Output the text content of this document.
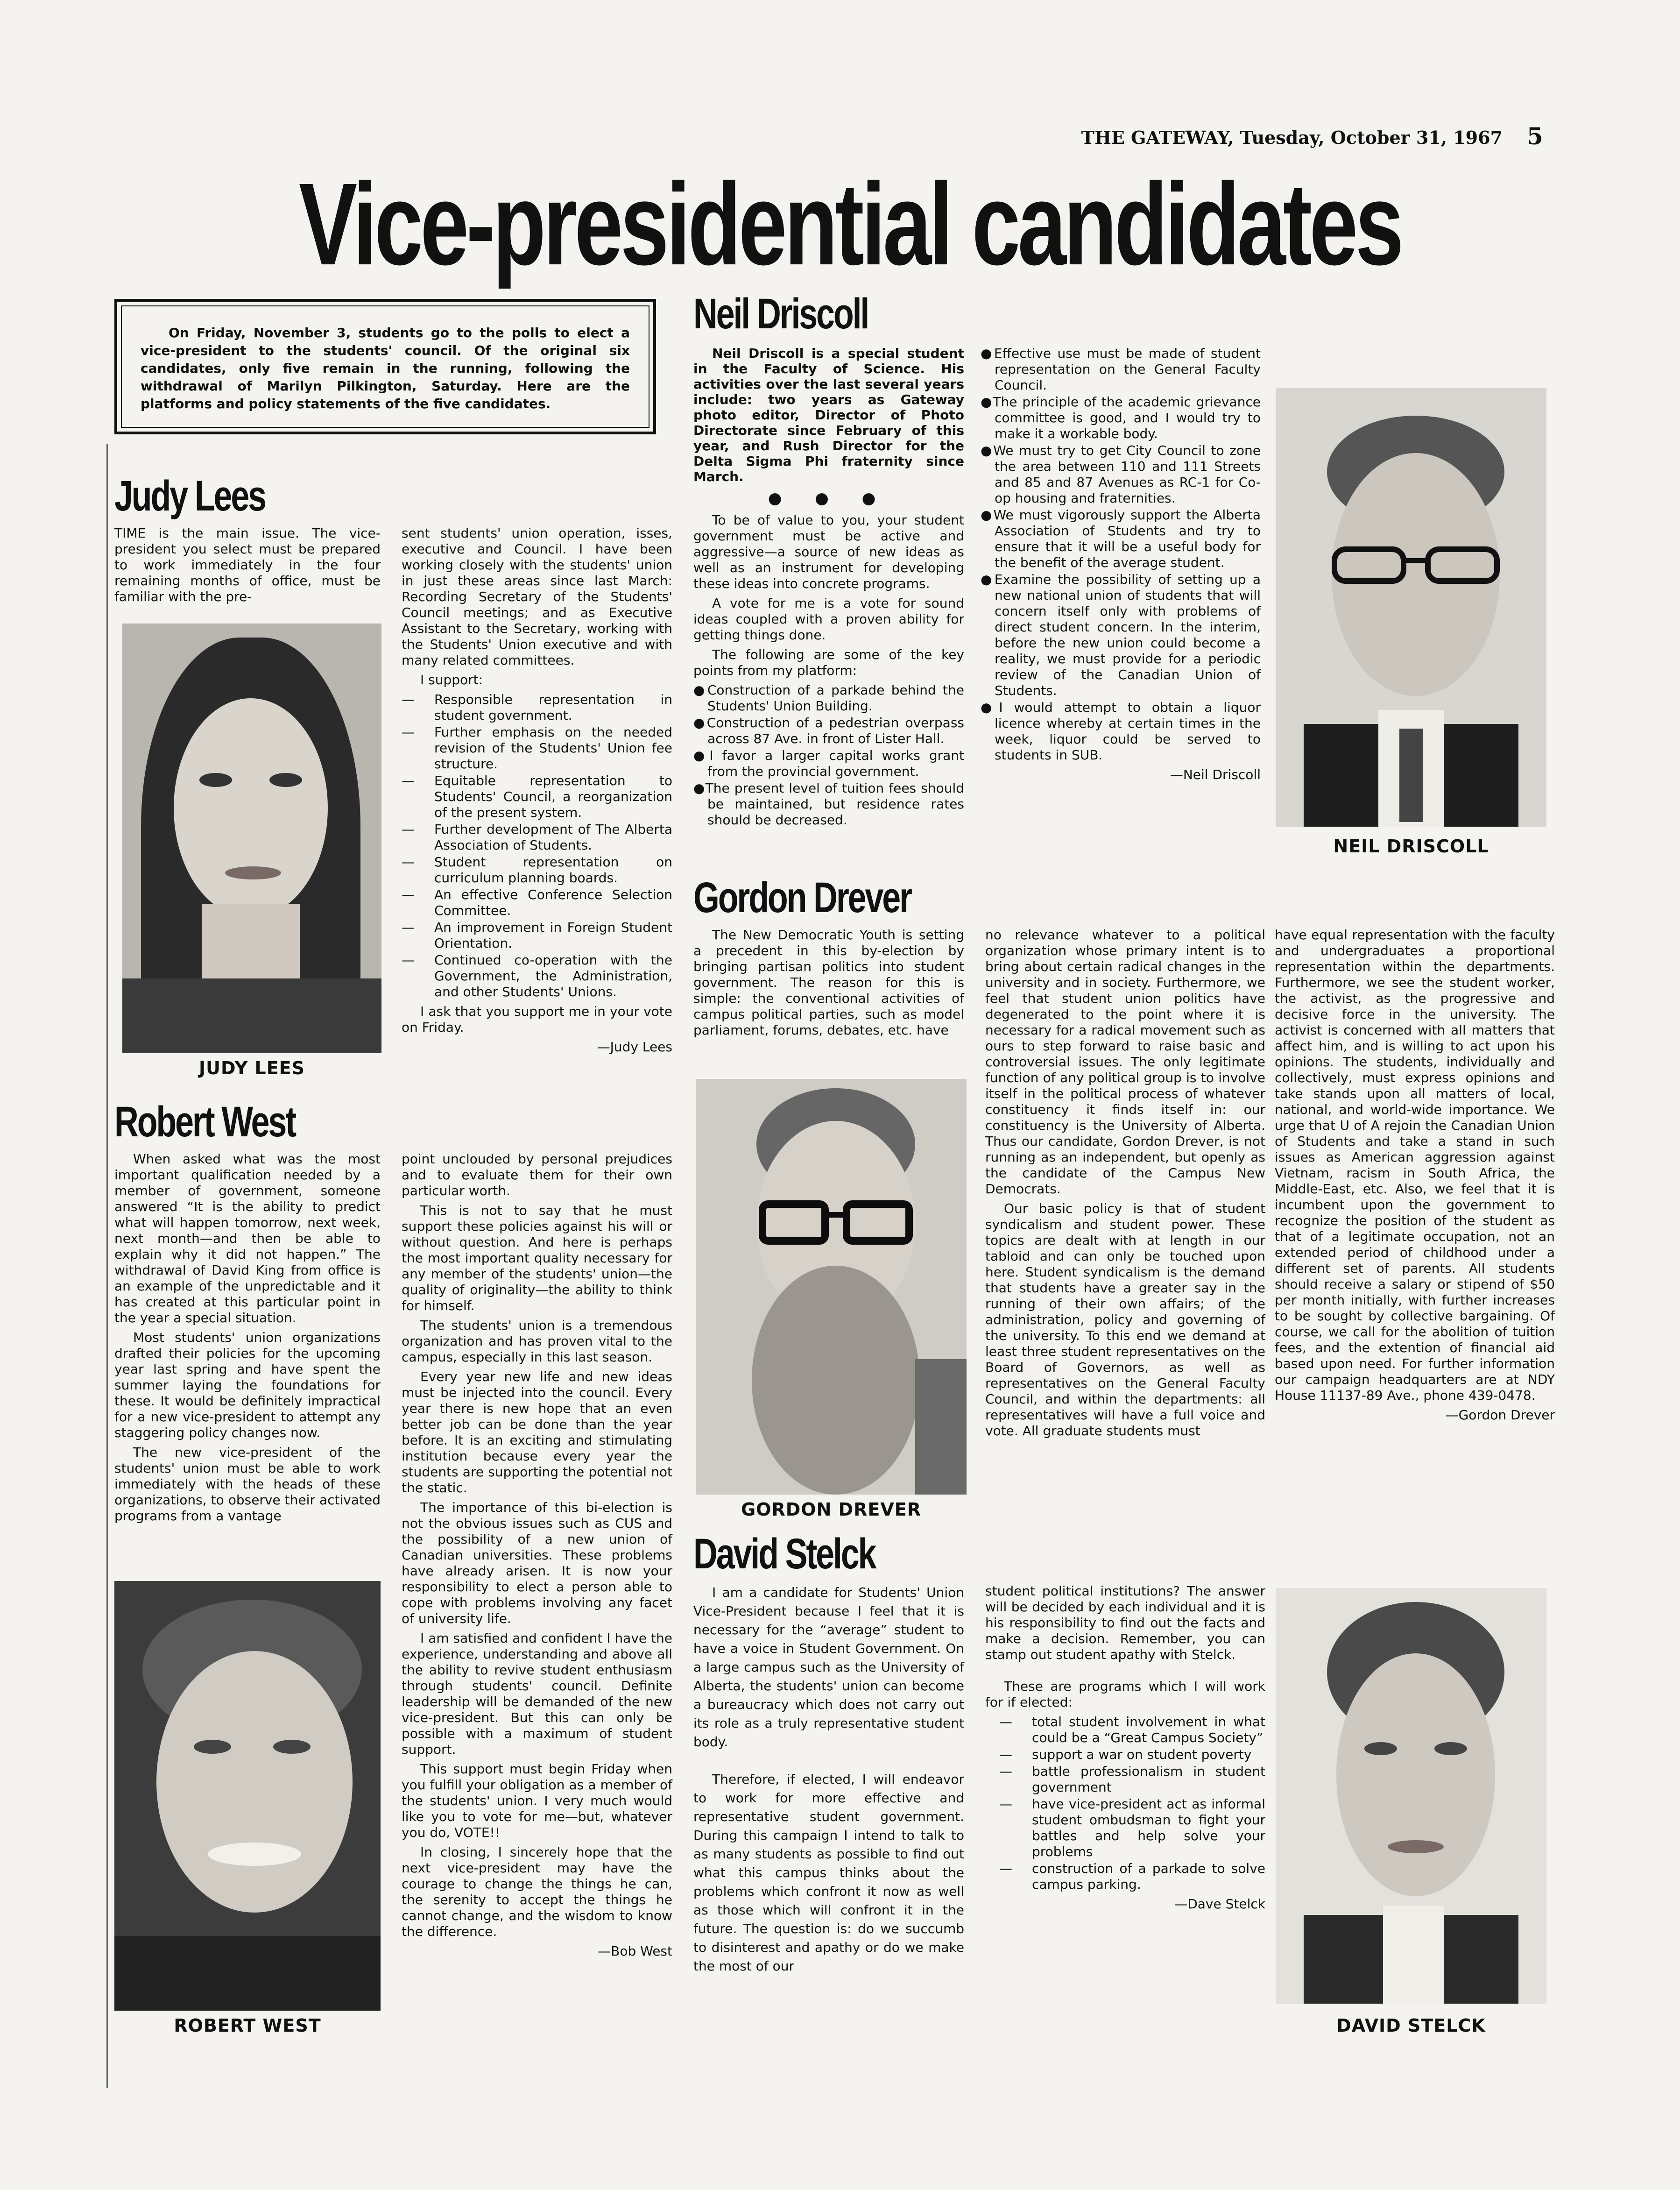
THE GATEWAY, Tuesday, October 31, 1967 5
Vice-presidential candidates
On Friday, November 3, students go to the polls to elect a vice-president to the students' council. Of the original six candidates, only five remain in the running, following the withdrawal of Marilyn Pilkington, Saturday. Here are the platforms and policy statements of the five candidates.
Judy Lees

TIME is the main issue. The vice-president you select must be prepared to work immediately in the four remaining months of office, must be familiar with the pre-

JUDY LEES

sent students' union operation, isses, executive and Council. I have been working closely with the students' union in just these areas since last March: Recording Secretary of the Students' Council meetings; and as Executive Assistant to the Secretary, working with the Students' Union executive and with many related committees.

I support:

— Responsible representation in student government.
— Further emphasis on the needed revision of the Students' Union fee structure.
— Equitable representation to Students' Council, a reorganization of the present system.
— Further development of The Alberta Association of Students.
— Student representation on curriculum planning boards.
— An effective Conference Selection Committee.
— An improvement in Foreign Student Orientation.
— Continued co-operation with the Government, the Administration, and other Students' Unions.

I ask that you support me in your vote on Friday.

—Judy Lees

Robert West

When asked what was the most important qualification needed by a member of government, someone answered “It is the ability to predict what will happen tomorrow, next week, next month—and then be able to explain why it did not happen.” The withdrawal of David King from office is an example of the unpredictable and it has created at this particular point in the year a special situation.

Most students' union organizations drafted their policies for the upcoming year last spring and have spent the summer laying the foundations for these. It would be definitely impractical for a new vice-president to attempt any staggering policy changes now.

The new vice-president of the students' union must be able to work immediately with the heads of these organizations, to observe their activated programs from a vantage

ROBERT WEST

point unclouded by personal prejudices and to evaluate them for their own particular worth.

This is not to say that he must support these policies against his will or without question. And here is perhaps the most important quality necessary for any member of the students' union—the quality of originality—the ability to think for himself.

The students' union is a tremendous organization and has proven vital to the campus, especially in this last season.

Every year new life and new ideas must be injected into the council. Every year there is new hope that an even better job can be done than the year before. It is an exciting and stimulating institution because every year the students are supporting the potential not the static.

The importance of this bi-election is not the obvious issues such as CUS and the possibility of a new union of Canadian universities. These problems have already arisen. It is now your responsibility to elect a person able to cope with problems involving any facet of university life.

I am satisfied and confident I have the experience, understanding and above all the ability to revive student enthusiasm through students' council. Definite leadership will be demanded of the new vice-president. But this can only be possible with a maximum of student support.

This support must begin Friday when you fulfill your obligation as a member of the students' union. I very much would like you to vote for me—but, whatever you do, VOTE!!

In closing, I sincerely hope that the next vice-president may have the courage to change the things he can, the serenity to accept the things he cannot change, and the wisdom to know the difference.

—Bob West

Neil Driscoll

Neil Driscoll is a special student in the Faculty of Science. His activities over the last several years include: two years as Gateway photo editor, Director of Photo Directorate since February of this year, and Rush Director for the Delta Sigma Phi fraternity since March.

● ● ●

To be of value to you, your student government must be active and aggressive—a source of new ideas as well as an instrument for developing these ideas into concrete programs.

A vote for me is a vote for sound ideas coupled with a proven ability for getting things done.

The following are some of the key points from my platform:

● Construction of a parkade behind the Students' Union Building.
● Construction of a pedestrian overpass across 87 Ave. in front of Lister Hall.
● I favor a larger capital works grant from the provincial government.
● The present level of tuition fees should be maintained, but residence rates should be decreased.
● Effective use must be made of student representation on the General Faculty Council.
● The principle of the academic grievance committee is good, and I would try to make it a workable body.
● We must try to get City Council to zone the area between 110 and 111 Streets and 85 and 87 Avenues as RC-1 for Co-op housing and fraternities.
● We must vigorously support the Alberta Association of Students and try to ensure that it will be a useful body for the benefit of the average student.
● Examine the possibility of setting up a new national union of students that will concern itself only with problems of direct student concern. In the interim, before the new union could become a reality, we must provide for a periodic review of the Canadian Union of Students.
● I would attempt to obtain a liquor licence whereby at certain times in the week, liquor could be served to students in SUB.

—Neil Driscoll

NEIL DRISCOLL
Gordon Drever

The New Democratic Youth is setting a precedent in this by-election by bringing partisan politics into student government. The reason for this is simple: the conventional activities of campus political parties, such as model parliament, forums, debates, etc. have

GORDON DREVER

no relevance whatever to a political organization whose primary intent is to bring about certain radical changes in the university and in society. Furthermore, we feel that student union politics have degenerated to the point where it is necessary for a radical movement such as ours to step forward to raise basic and controversial issues. The only legitimate function of any political group is to involve itself in the political process of whatever constituency it finds itself in: our constituency is the University of Alberta. Thus our candidate, Gordon Drever, is not running as an independent, but openly as the candidate of the Campus New Democrats.

Our basic policy is that of student syndicalism and student power. These topics are dealt with at length in our tabloid and can only be touched upon here. Student syndicalism is the demand that students have a greater say in the running of their own affairs; of the administration, policy and governing of the university. To this end we demand at least three student representatives on the Board of Governors, as well as representatives on the General Faculty Council, and within the departments: all representatives will have a full voice and vote. All graduate students must

have equal representation with the faculty and undergraduates a proportional representation within the departments. Furthermore, we see the student worker, the activist, as the progressive and decisive force in the university. The activist is concerned with all matters that affect him, and is willing to act upon his opinions. The students, individually and collectively, must express opinions and take stands upon all matters of local, national, and world-wide importance. We urge that U of A rejoin the Canadian Union of Students and take a stand in such issues as American aggression against Vietnam, racism in South Africa, the Middle-East, etc. Also, we feel that it is incumbent upon the government to recognize the position of the student as that of a legitimate occupation, not an extended period of childhood under a different set of parents. All students should receive a salary or stipend of $50 per month initially, with further increases to be sought by collective bargaining. Of course, we call for the abolition of tuition fees, and the extention of financial aid based upon need. For further information our campaign headquarters are at NDY House 11137-89 Ave., phone 439-0478.

—Gordon Drever

David Stelck

I am a candidate for Students' Union Vice-President because I feel that it is necessary for the “average” student to have a voice in Student Government. On a large campus such as the University of Alberta, the students' union can become a bureaucracy which does not carry out its role as a truly representative student body.

Therefore, if elected, I will endeavor to work for more effective and representative student government. During this campaign I intend to talk to as many students as possible to find out what this campus thinks about the problems which confront it now as well as those which will confront it in the future. The question is: do we succumb to disinterest and apathy or do we make the most of our

student political institutions? The answer will be decided by each individual and it is his responsibility to find out the facts and make a decision. Remember, you can stamp out student apathy with Stelck.

These are programs which I will work for if elected:

— total student involvement in what could be a “Great Campus Society”
— support a war on student poverty
— battle professionalism in student government
— have vice-president act as informal student ombudsman to fight your battles and help solve your problems
— construction of a parkade to solve campus parking.

—Dave Stelck

DAVID STELCK
